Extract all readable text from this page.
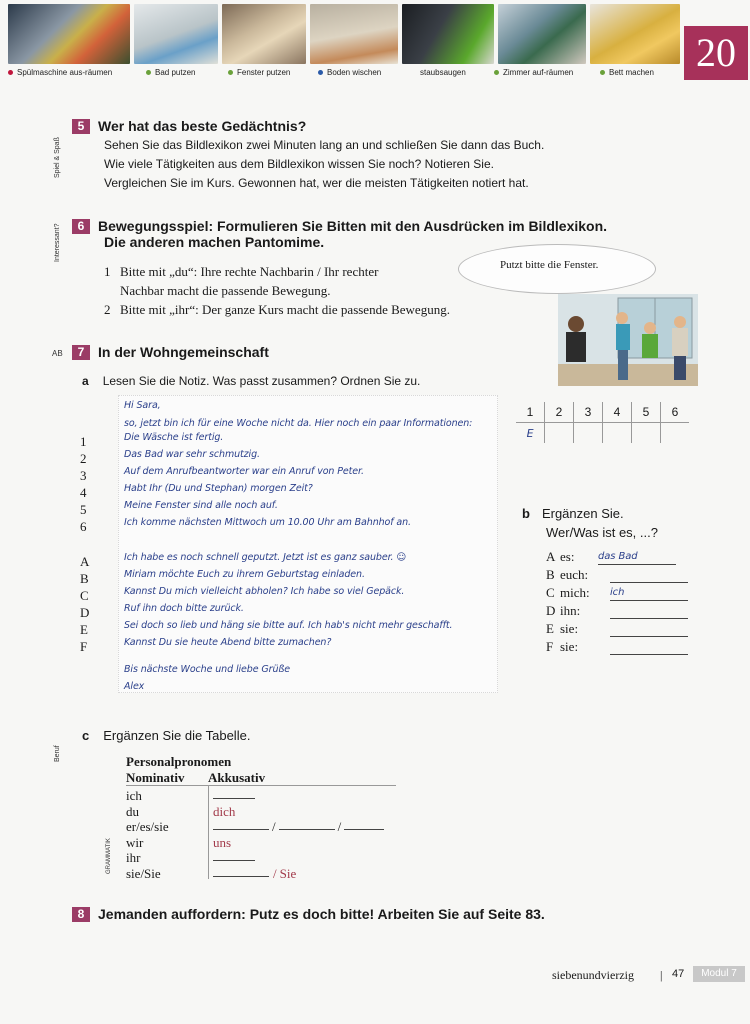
Spülmaschine aus-räumen	Bad putzen	Fenster putzen	Boden wischen	staubsaugen	Zimmer auf-räumen	Bett machen	20
Spiel & Spaß
Interessant?
Beruf
GRAMMATIK
AB
5 Wer hat das beste Gedächtnis?
Sehen Sie das Bildlexikon zwei Minuten lang an und schließen Sie dann das Buch.
Wie viele Tätigkeiten aus dem Bildlexikon wissen Sie noch? Notieren Sie.
Vergleichen Sie im Kurs. Gewonnen hat, wer die meisten Tätigkeiten notiert hat.
6 Bewegungsspiel: Formulieren Sie Bitten mit den Ausdrücken im Bildlexikon.
Die anderen machen Pantomime.
1 Bitte mit „du“: Ihre rechte Nachbarin / Ihr rechter
Nachbar macht die passende Bewegung.
2 Bitte mit „ihr“: Der ganze Kurs macht die passende Bewegung.
Putzt bitte die Fenster.
7 In der Wohngemeinschaft
a Lesen Sie die Notiz. Was passt zusammen? Ordnen Sie zu.
Hi Sara,
so, jetzt bin ich für eine Woche nicht da. Hier noch ein paar Informationen:
1	Die Wäsche ist fertig.
2	Das Bad war sehr schmutzig.
3	Auf dem Anrufbeantworter war ein Anruf von Peter.
4	Habt Ihr (Du und Stephan) morgen Zeit?
5	Meine Fenster sind alle noch auf.
6	Ich komme nächsten Mittwoch um 10.00 Uhr am Bahnhof an.
A	Ich habe es noch schnell geputzt. Jetzt ist es ganz sauber. ☺
B	Miriam möchte Euch zu ihrem Geburtstag einladen.
C	Kannst Du mich vielleicht abholen? Ich habe so viel Gepäck.
D	Ruf ihn doch bitte zurück.
E	Sei doch so lieb und häng sie bitte auf. Ich hab's nicht mehr geschafft.
F	Kannst Du sie heute Abend bitte zumachen?
Bis nächste Woche und liebe Grüße
Alex
1	2	3	4	5	6
E					
b Ergänzen Sie.
Wer/Was ist es, ...?
A es:	das Bad
B euch:
C mich:	ich
D ihn:
E sie:
F sie:
c Ergänzen Sie die Tabelle.
Personalpronomen
Nominativ	Akkusativ
ich
du	dich
er/es/sie	/	/
wir	uns
ihr
sie/Sie	/ Sie
8 Jemanden auffordern: Putz es doch bitte! Arbeiten Sie auf Seite 83.
siebenundvierzig | 47	Modul 7
